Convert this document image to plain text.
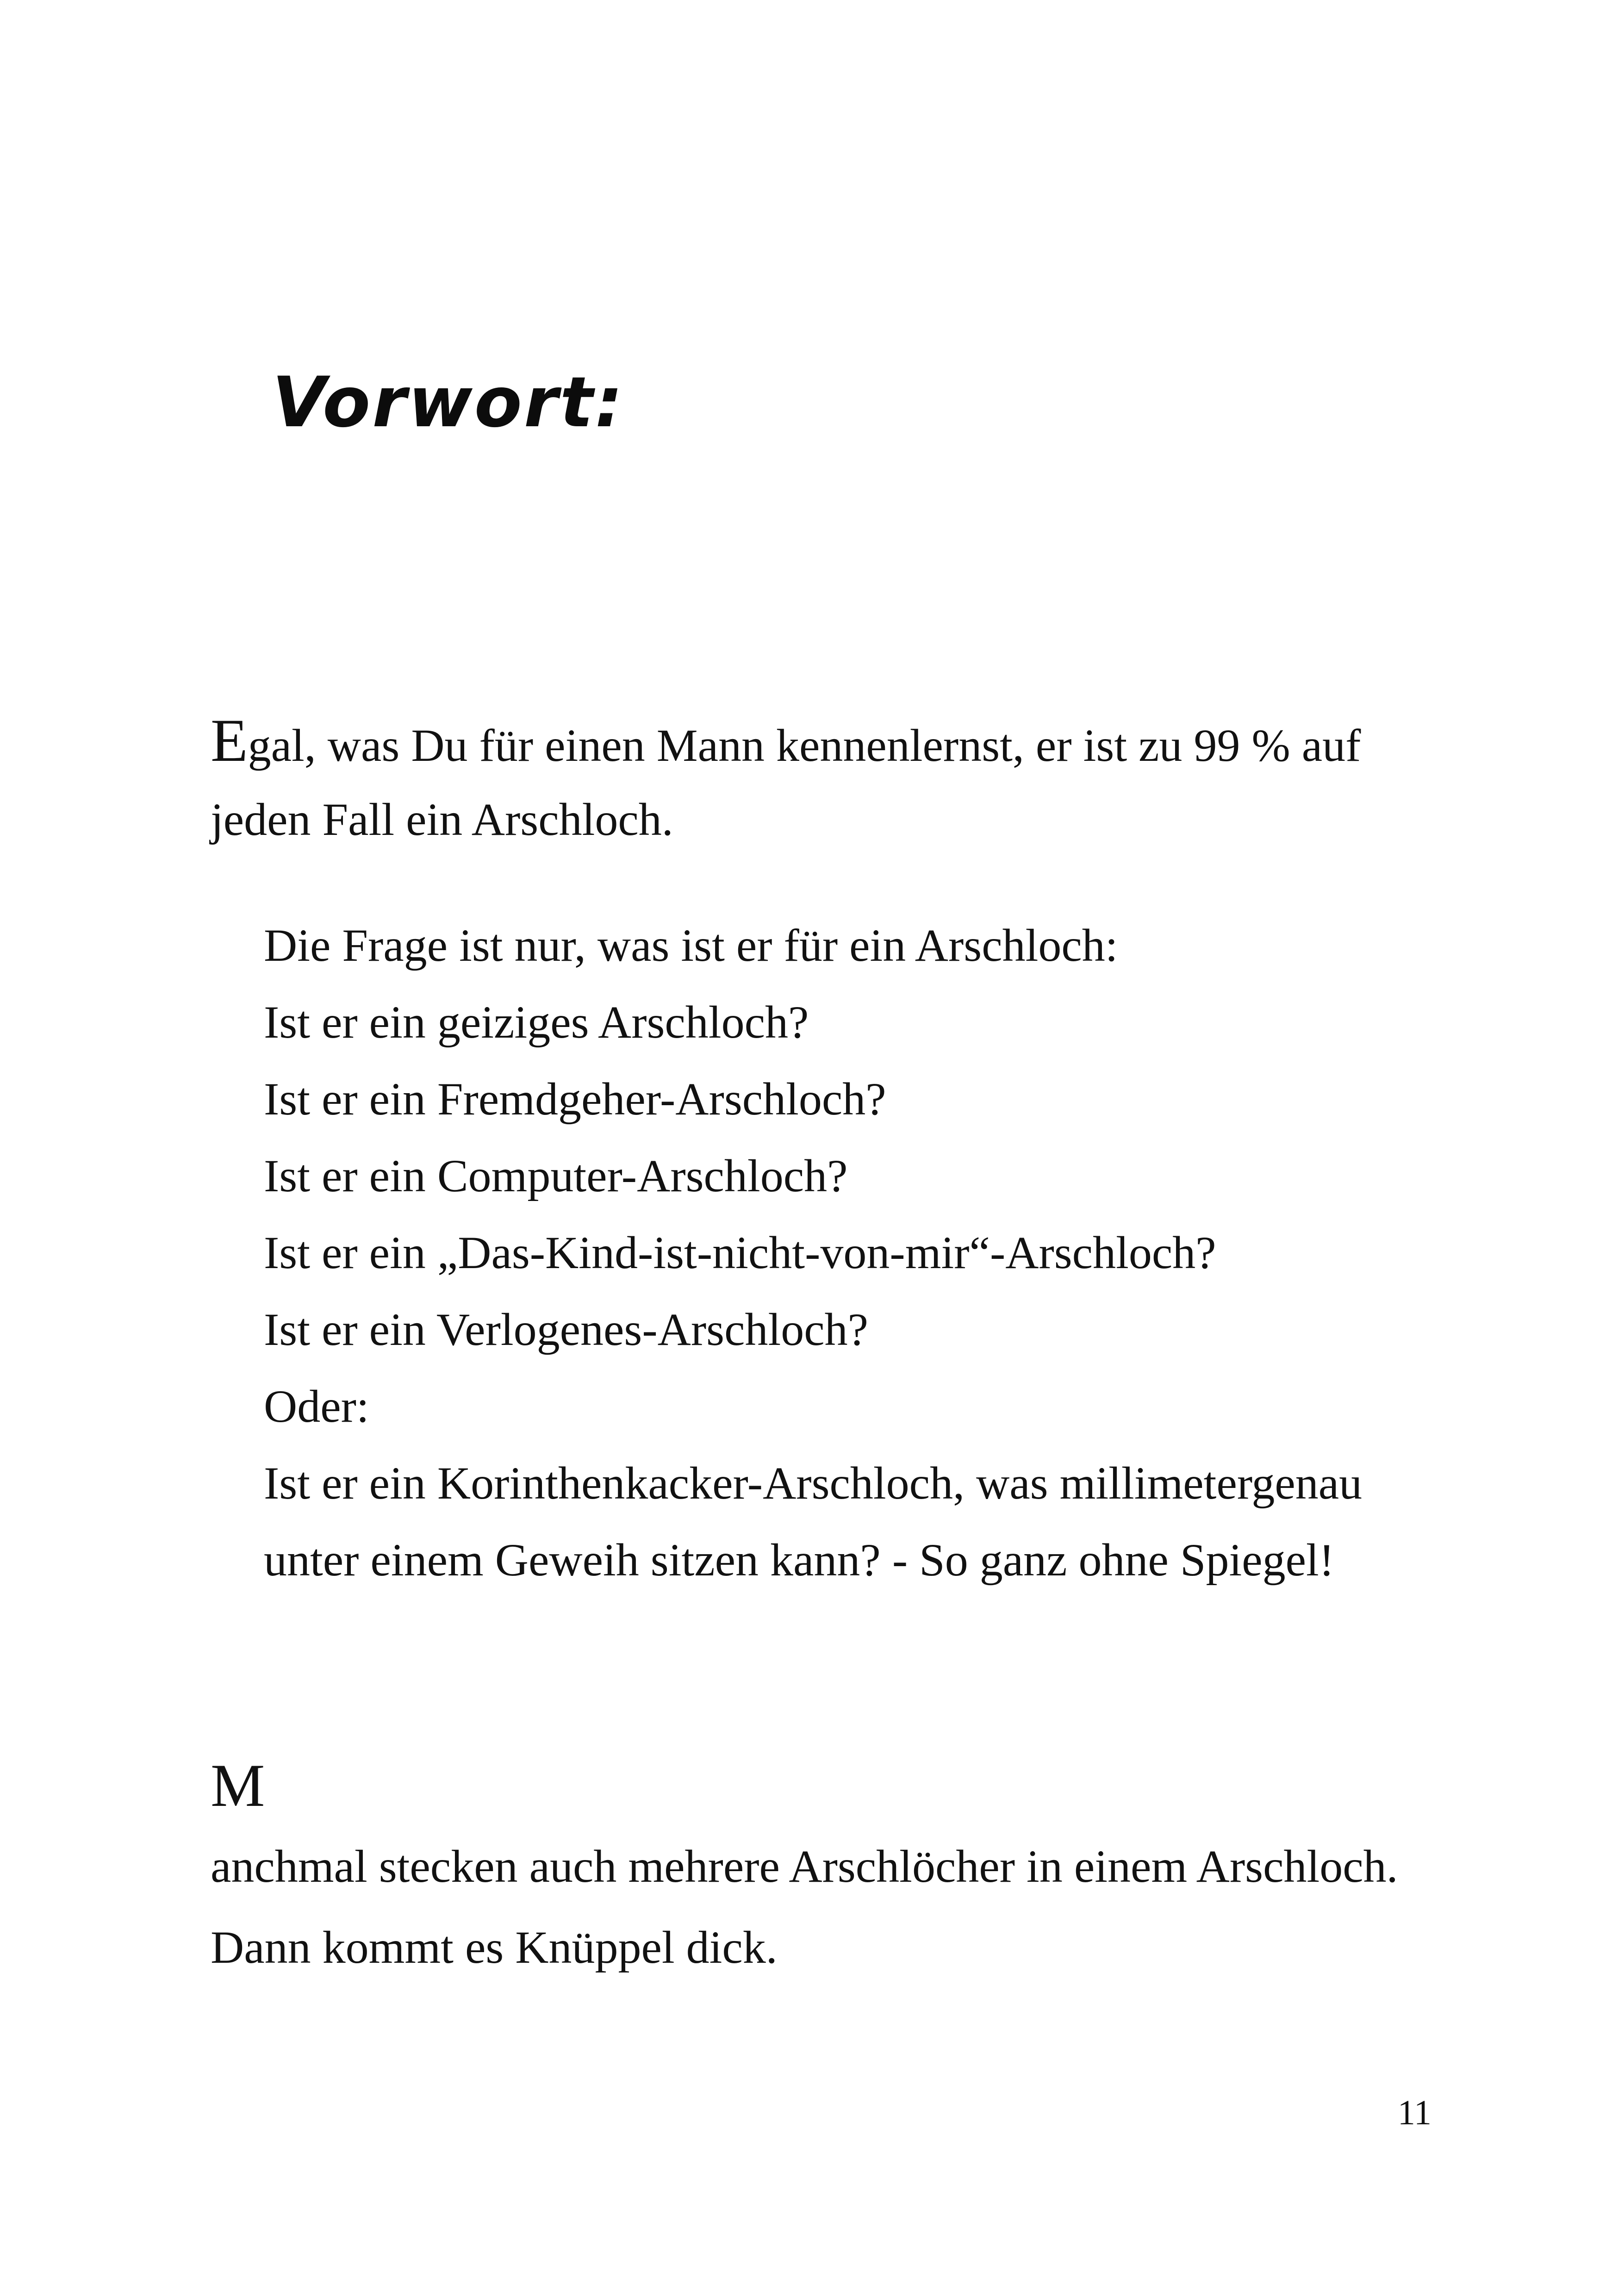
Vorwort:

Egal, was Du für einen Mann kennenlernst, er ist zu 99 % auf jeden Fall ein Arschloch.

Die Frage ist nur, was ist er für ein Arschloch:
Ist er ein geiziges Arschloch?
Ist er ein Fremdgeher-Arschloch?
Ist er ein Computer-Arschloch?
Ist er ein „Das-Kind-ist-nicht-von-mir“-Arschloch?
Ist er ein Verlogenes-Arschloch?
Oder:
Ist er ein Korinthenkacker-Arschloch, was millimetergenau
unter einem Geweih sitzen kann? - So ganz ohne Spiegel!

M
anchmal stecken auch mehrere Arschlöcher in einem Arschloch.
Dann kommt es Knüppel dick.

11
